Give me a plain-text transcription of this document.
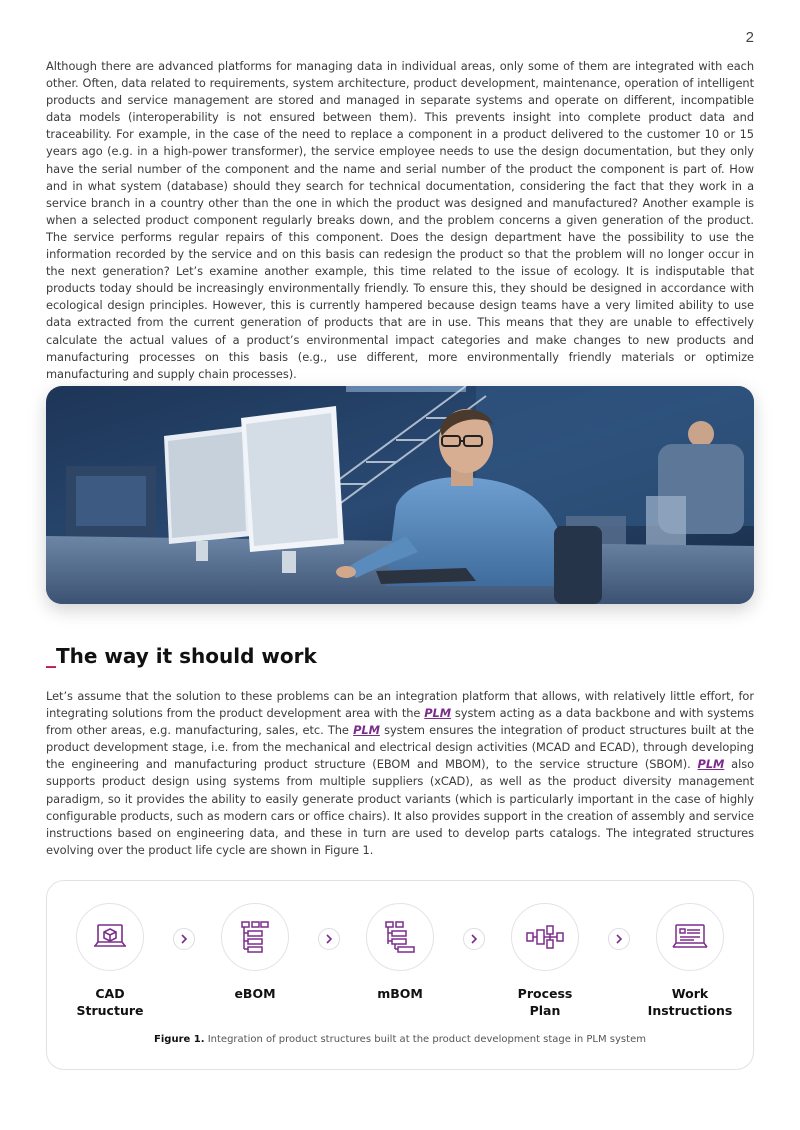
2

Although there are advanced platforms for managing data in individual areas, only some of them are integrated with each other. Often, data related to requirements, system architecture, product development, maintenance, operation of intelligent products and service management are stored and managed in separate systems and operate on different, incompatible data models (interoperability is not ensured between them). This prevents insight into complete product data and traceability. For example, in the case of the need to replace a component in a product delivered to the customer 10 or 15 years ago (e.g. in a high-power transformer), the service employee needs to use the design documentation, but they only have the serial number of the component and the name and serial number of the product the component is part of. How and in what system (database) should they search for technical documentation, considering the fact that they work in a service branch in a country other than the one in which the product was designed and manufactured? Another example is when a selected product component regularly breaks down, and the problem concerns a given generation of the product. The service performs regular repairs of this component. Does the design department have the possibility to use the information recorded by the service and on this basis can redesign the product so that the problem will no longer occur in the next generation? Let’s examine another example, this time related to the issue of ecology. It is indisputable that products today should be increasingly environmentally friendly. To ensure this, they should be designed in accordance with ecological design principles. However, this is currently hampered because design teams have a very limited ability to use data extracted from the current generation of products that are in use. This means that they are unable to effectively calculate the actual values of a product’s environmental impact categories and make changes to new products and manufacturing processes on this basis (e.g., use different, more environmentally friendly materials or optimize manufacturing and supply chain processes).

_The way it should work

Let’s assume that the solution to these problems can be an integration platform that allows, with relatively little effort, for integrating solutions from the product development area with the PLM system acting as a data backbone and with systems from other areas, e.g. manufacturing, sales, etc. The PLM system ensures the integration of product structures built at the product development stage, i.e. from the mechanical and electrical design activities (MCAD and ECAD), through developing the engineering and manufacturing product structure (EBOM and MBOM), to the service structure (SBOM). PLM also supports product design using systems from multiple suppliers (xCAD), as well as the product diversity management paradigm, so it provides the ability to easily generate product variants (which is particularly important in the case of highly configurable products, such as modern cars or office chairs). It also provides support in the creation of assembly and service instructions based on engineering data, and these in turn are used to develop parts catalogs. The integrated structures evolving over the product life cycle are shown in Figure 1.

CAD
Structure
eBOM	mBOM	Process
Plan
Work
Instructions
Figure 1. Integration of product structures built at the product development stage in PLM system
